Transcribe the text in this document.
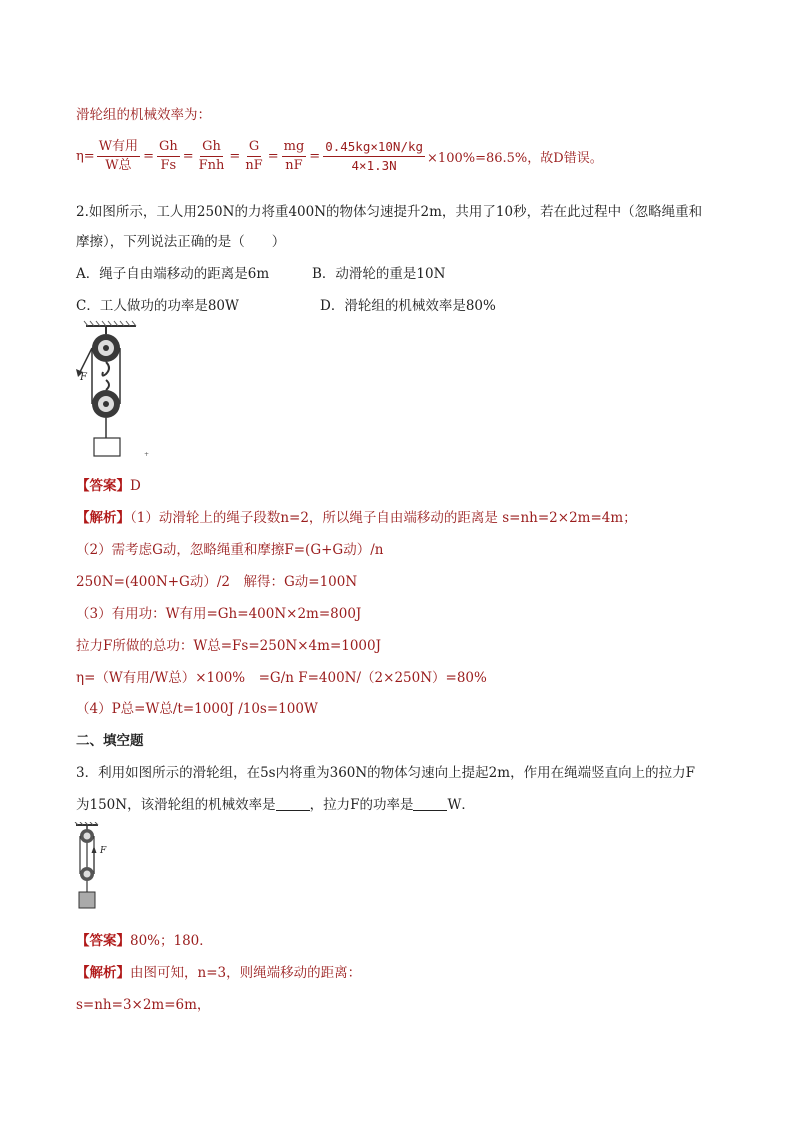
滑轮组的机械效率为：
$\eta= \frac{\text{W有用}}{\text{W总}} = \frac{Gh}{Fs} = \frac{Gh}{\text{Fnh}} = \frac{G}{nF} = \frac{mg}{nF} = \frac{0.45kg\times 10N/kg}{4\times 1.3N} \times 100\%=86.5\%$，故D错误。
2.如图所示，工人用250N的力将重400N的物体匀速提升2m，共用了10秒，若在此过程中（忽略绳重和
摩擦），下列说法正确的是（　　）
A．绳子自由端移动的距离是6m	B．动滑轮的重是10N
C．工人做功的功率是80W	D．滑轮组的机械效率是80%
+
F
【答案】D
【解析】（1）动滑轮上的绳子段数n=2，所以绳子自由端移动的距离是 s=nh=2×2m=4m；
（2）需考虑G动，忽略绳重和摩擦F=(G+G动）/n
250N=(400N+G动）/2　解得：G动=100N
（3）有用功：W有用=Gh=400N×2m=800J
拉力F所做的总功：W总=Fs=250N×4m=1000J
η=（W有用/W总）×100%　=G/n F=400N/（2×250N）=80%
（4）P总=W总/t=1000J /10s=100W
二、填空题
3．利用如图所示的滑轮组，在5s内将重为360N的物体匀速向上提起2m，作用在绳端竖直向上的拉力F
为150N，该滑轮组的机械效率是	，拉力F的功率是	W．
F
【答案】80%；180．
【解析】由图可知，n=3，则绳端移动的距离：
s=nh=3×2m=6m，
